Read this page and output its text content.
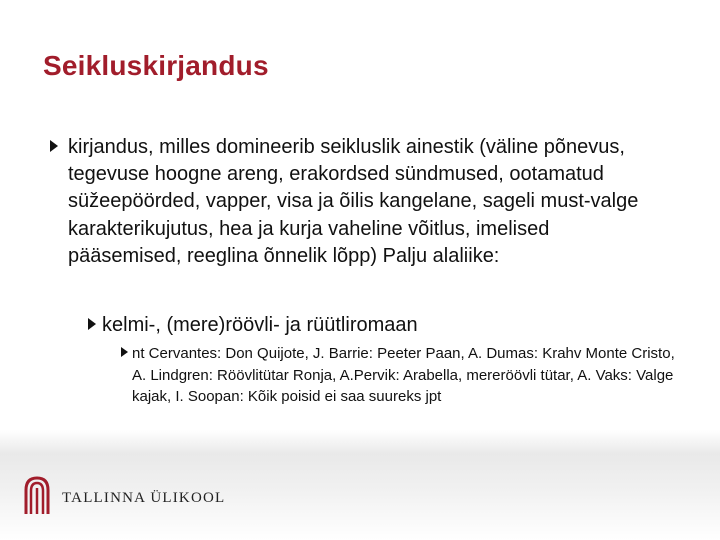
Seikluskirjandus
kirjandus, milles domineerib seikluslik ainestik (väline põnevus, tegevuse hoogne areng, erakordsed sündmused, ootamatud süžeepöörded, vapper, visa ja õilis kangelane, sageli must-valge karakterikujutus, hea ja kurja vaheline võitlus, imelised pääsemised, reeglina õnnelik lõpp) Palju alaliike:
kelmi-, (mere)röövli- ja rüütliromaan
nt Cervantes: Don Quijote, J. Barrie: Peeter Paan, A. Dumas: Krahv Monte Cristo, A. Lindgren: Röövlitütar Ronja, A.Pervik: Arabella, mereröövli tütar, A. Vaks: Valge kajak, I. Soopan: Kõik poisid ei saa suureks jpt
TALLINNA ÜLIKOOL
